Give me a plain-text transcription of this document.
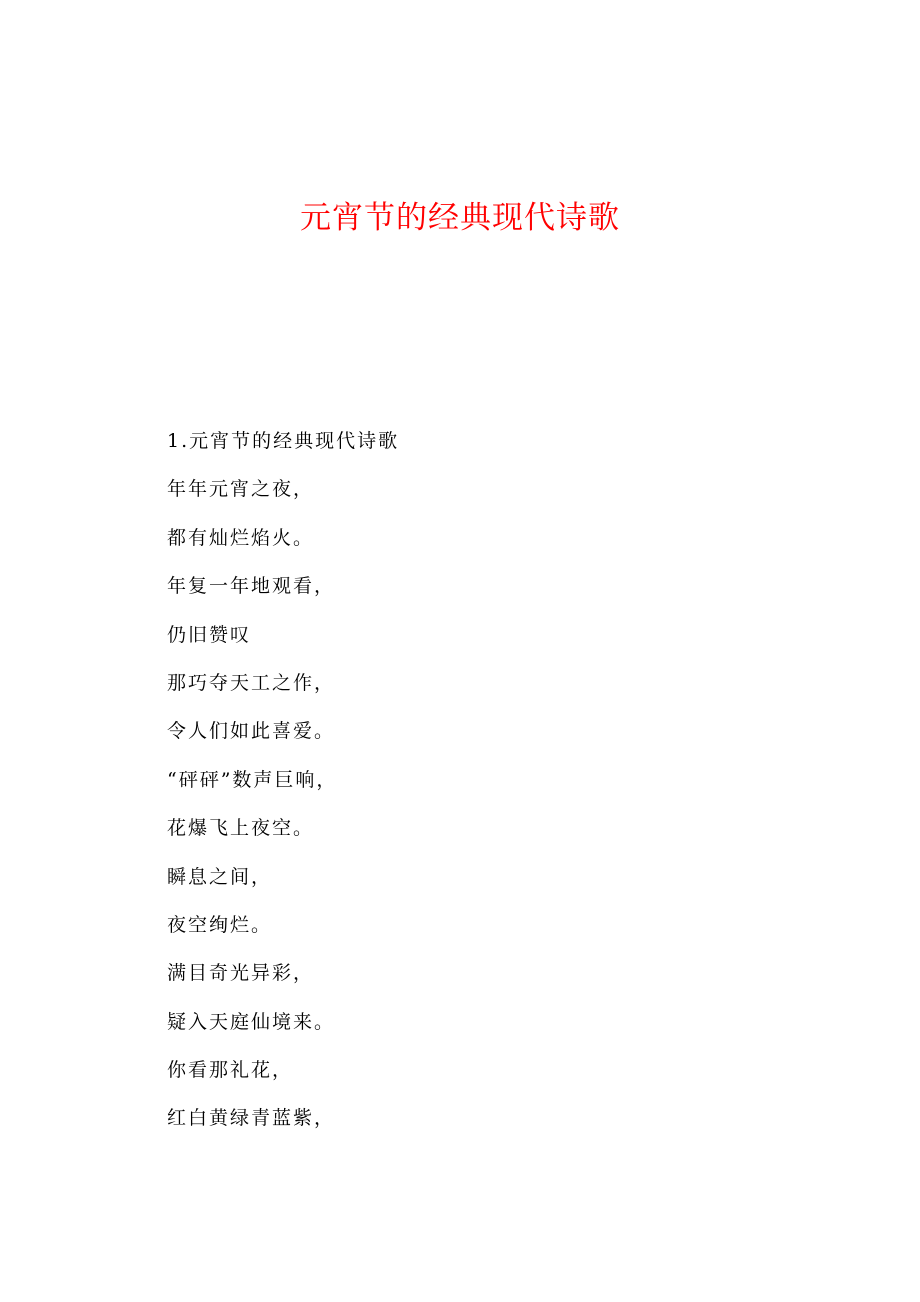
元宵节的经典现代诗歌
1.元宵节的经典现代诗歌
年年元宵之夜，
都有灿烂焰火。
年复一年地观看，
仍旧赞叹
那巧夺天工之作，
令人们如此喜爱。
“砰砰”数声巨响，
花爆飞上夜空。
瞬息之间，
夜空绚烂。
满目奇光异彩，
疑入天庭仙境来。
你看那礼花，
红白黄绿青蓝紫，
